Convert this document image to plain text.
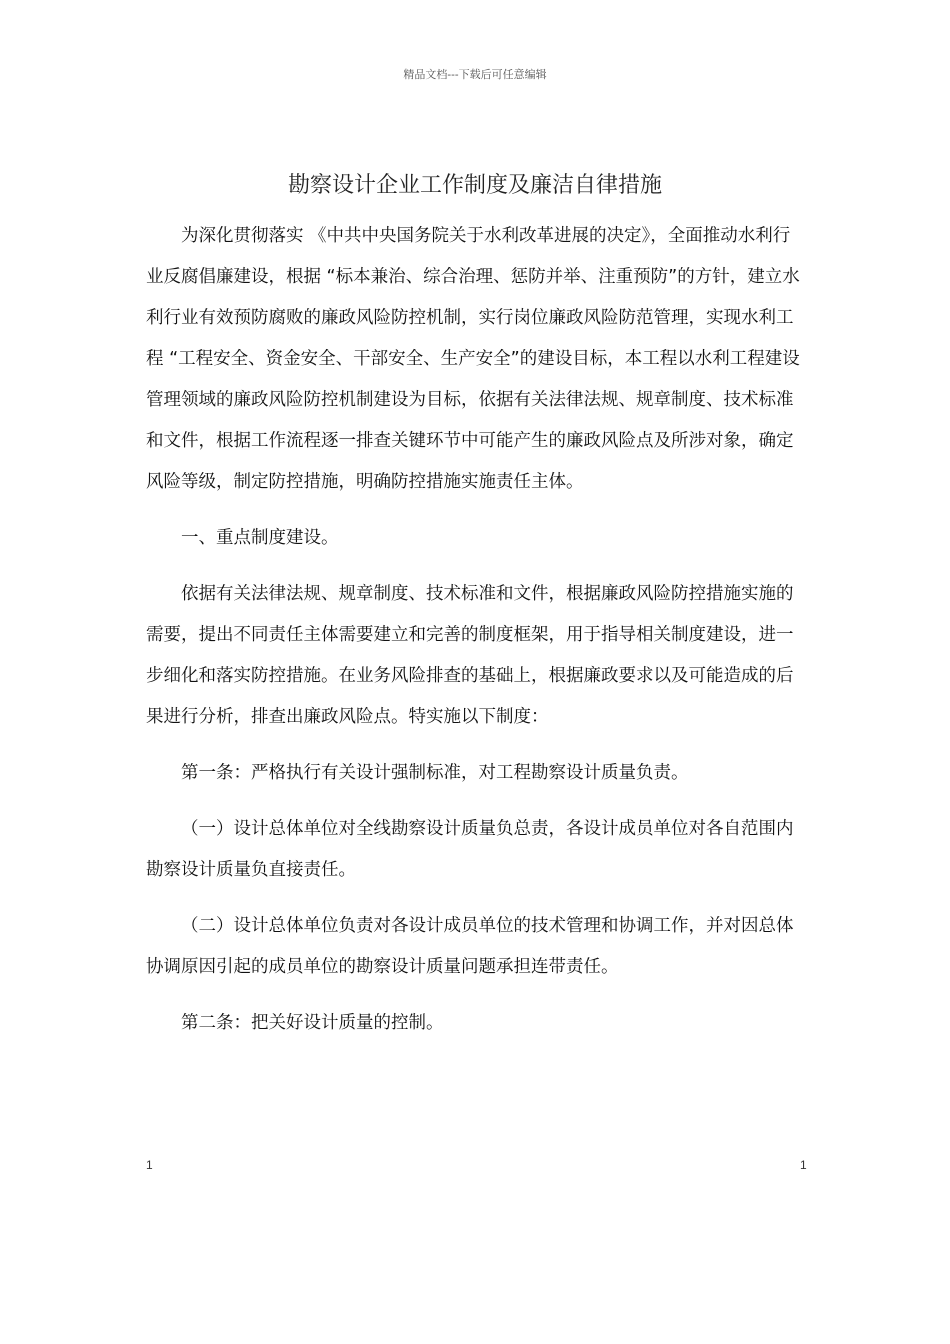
精品文档---下载后可任意编辑
勘察设计企业工作制度及廉洁自律措施

为深化贯彻落实 《中共中央国务院关于水利改革进展的决定》，全面推动水利行业反腐倡廉建设，根据 “标本兼治、综合治理、惩防并举、注重预防”的方针，建立水利行业有效预防腐败的廉政风险防控机制，实行岗位廉政风险防范管理，实现水利工程 “工程安全、资金安全、干部安全、生产安全”的建设目标，本工程以水利工程建设管理领域的廉政风险防控机制建设为目标，依据有关法律法规、规章制度、技术标准和文件，根据工作流程逐一排查关键环节中可能产生的廉政风险点及所涉对象，确定风险等级，制定防控措施，明确防控措施实施责任主体。

一、重点制度建设。

依据有关法律法规、规章制度、技术标准和文件，根据廉政风险防控措施实施的需要，提出不同责任主体需要建立和完善的制度框架，用于指导相关制度建设，进一步细化和落实防控措施。在业务风险排查的基础上，根据廉政要求以及可能造成的后果进行分析，排查出廉政风险点。特实施以下制度：

第一条：严格执行有关设计强制标准，对工程勘察设计质量负责。

（一）设计总体单位对全线勘察设计质量负总责，各设计成员单位对各自范围内勘察设计质量负直接责任。

（二）设计总体单位负责对各设计成员单位的技术管理和协调工作，并对因总体协调原因引起的成员单位的勘察设计质量问题承担连带责任。

第二条：把关好设计质量的控制。

1	1
